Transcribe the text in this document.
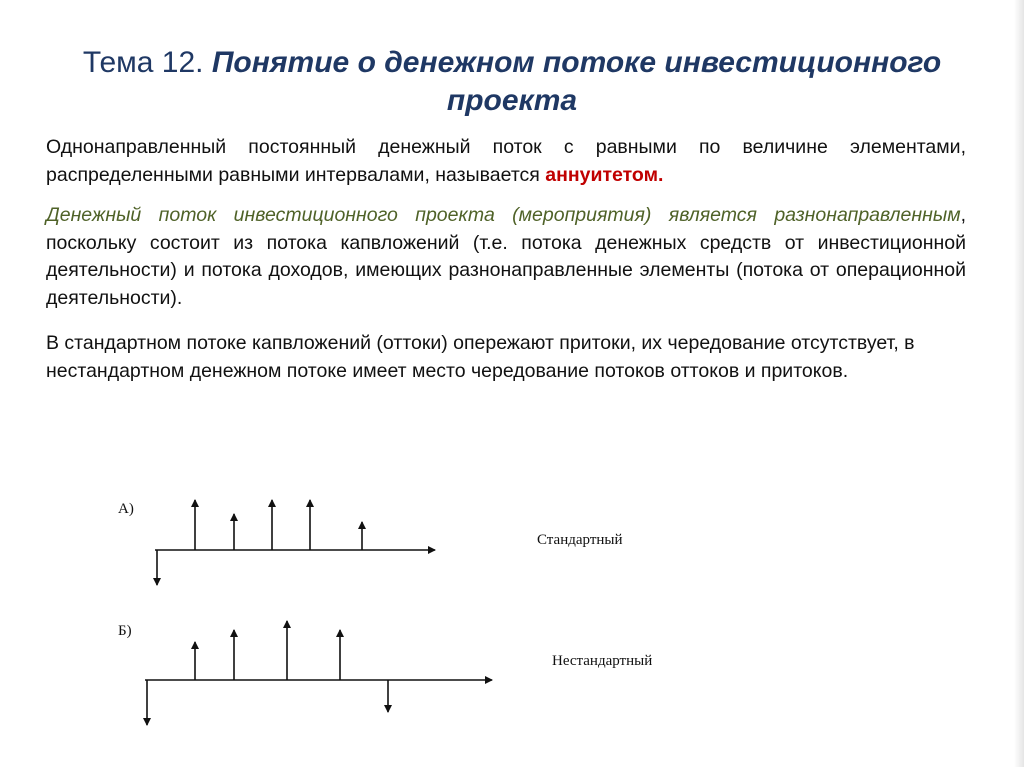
Тема 12. Понятие о денежном потоке инвестиционного проекта

Однонаправленный постоянный денежный поток с равными по величине элементами, распределенными равными интервалами, называется аннуитетом.

Денежный поток инвестиционного проекта (мероприятия) является разнонаправленным, поскольку состоит из потока капвложений (т.е. потока денежных средств от инвестиционной деятельности) и потока доходов, имеющих разнонаправленные элементы (потока от операционной деятельности).

В стандартном потоке капвложений (оттоки) опережают притоки, их чередование отсутствует, в нестандартном денежном потоке имеет место чередование потоков оттоков и притоков.

А)
Стандартный
Б)
Нестандартный
